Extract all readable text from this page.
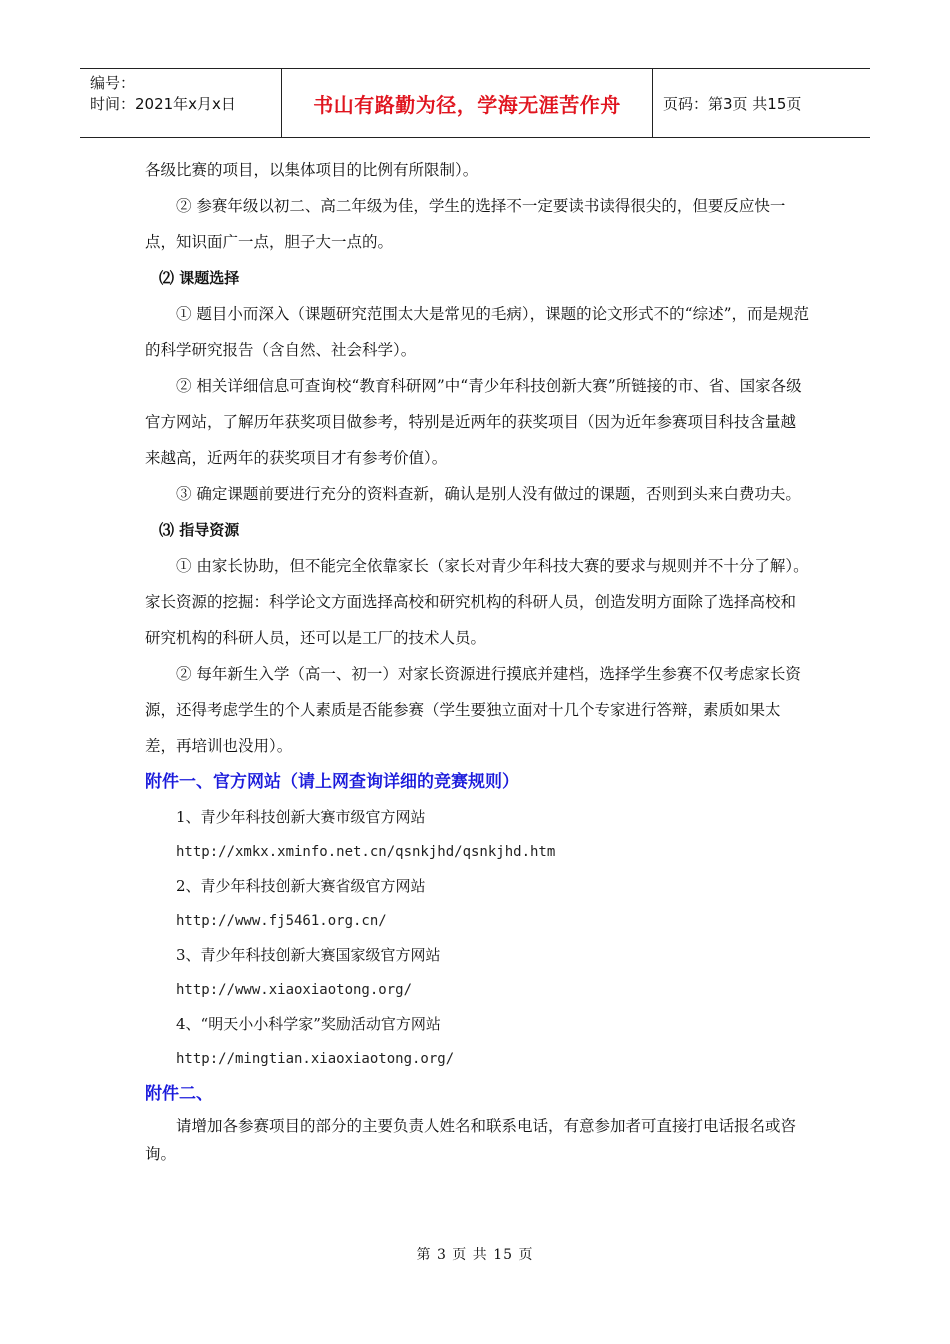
编号：
时间：2021年x月x日	书山有路勤为径，学海无涯苦作舟	页码：第3页 共15页

各级比赛的项目，以集体项目的比例有所限制）。

② 参赛年级以初二、高二年级为佳，学生的选择不一定要读书读得很尖的，但要反应快一点，知识面广一点，胆子大一点的。

⑵ 课题选择

① 题目小而深入（课题研究范围太大是常见的毛病），课题的论文形式不的“综述”，而是规范的科学研究报告（含自然、社会科学）。

② 相关详细信息可查询校“教育科研网”中“青少年科技创新大赛”所链接的市、省、国家各级官方网站，了解历年获奖项目做参考，特别是近两年的获奖项目（因为近年参赛项目科技含量越来越高，近两年的获奖项目才有参考价值）。

③ 确定课题前要进行充分的资料查新，确认是别人没有做过的课题，否则到头来白费功夫。

⑶ 指导资源

① 由家长协助，但不能完全依靠家长（家长对青少年科技大赛的要求与规则并不十分了解）。家长资源的挖掘：科学论文方面选择高校和研究机构的科研人员，创造发明方面除了选择高校和研究机构的科研人员，还可以是工厂的技术人员。

② 每年新生入学（高一、初一）对家长资源进行摸底并建档，选择学生参赛不仅考虑家长资源，还得考虑学生的个人素质是否能参赛（学生要独立面对十几个专家进行答辩，素质如果太差，再培训也没用）。

附件一、官方网站（请上网查询详细的竞赛规则）

1、青少年科技创新大赛市级官方网站

http://xmkx.xminfo.net.cn/qsnkjhd/qsnkjhd.htm

2、青少年科技创新大赛省级官方网站

http://www.fj5461.org.cn/

3、青少年科技创新大赛国家级官方网站

http://www.xiaoxiaotong.org/

4、“明天小小科学家”奖励活动官方网站

http://mingtian.xiaoxiaotong.org/

附件二、

请增加各参赛项目的部分的主要负责人姓名和联系电话，有意参加者可直接打电话报名或咨询。

第 3 页 共 15 页
